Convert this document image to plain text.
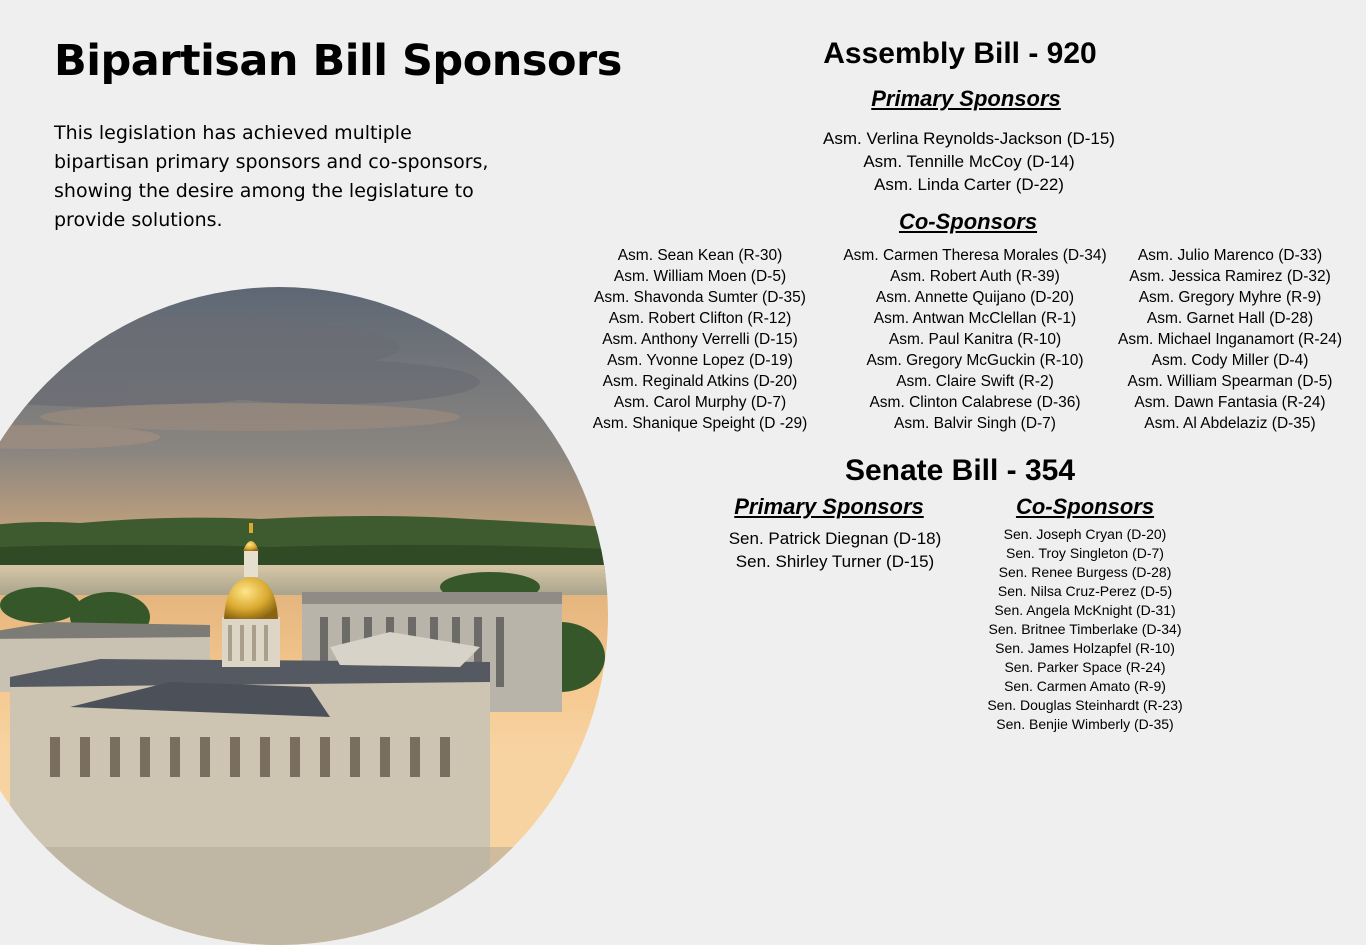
Bipartisan Bill Sponsors

This legislation has achieved multiple bipartisan primary sponsors and co-sponsors, showing the desire among the legislature to provide solutions.

Assembly Bill - 920
Primary Sponsors
Asm. Verlina Reynolds-Jackson (D-15)
Asm. Tennille McCoy (D-14)
Asm. Linda Carter (D-22)
Co-Sponsors
Asm. Sean Kean (R-30)
Asm. William Moen (D-5)
Asm. Shavonda Sumter (D-35)
Asm. Robert Clifton (R-12)
Asm. Anthony Verrelli (D-15)
Asm. Yvonne Lopez (D-19)
Asm. Reginald Atkins (D-20)
Asm. Carol Murphy (D-7)
Asm. Shanique Speight (D -29)
Asm. Carmen Theresa Morales (D-34)
Asm. Robert Auth (R-39)
Asm. Annette Quijano (D-20)
Asm. Antwan McClellan (R-1)
Asm. Paul Kanitra (R-10)
Asm. Gregory McGuckin (R-10)
Asm. Claire Swift (R-2)
Asm. Clinton Calabrese (D-36)
Asm. Balvir Singh (D-7)
Asm. Julio Marenco (D-33)
Asm. Jessica Ramirez (D-32)
Asm. Gregory Myhre (R-9)
Asm. Garnet Hall (D-28)
Asm. Michael Inganamort (R-24)
Asm. Cody Miller (D-4)
Asm. William Spearman (D-5)
Asm. Dawn Fantasia (R-24)
Asm. Al Abdelaziz (D-35)
Senate Bill - 354
Primary Sponsors
Sen. Patrick Diegnan (D-18)
Sen. Shirley Turner (D-15)
Co-Sponsors
Sen. Joseph Cryan (D-20)
Sen. Troy Singleton (D-7)
Sen. Renee Burgess (D-28)
Sen. Nilsa Cruz-Perez (D-5)
Sen. Angela McKnight (D-31)
Sen. Britnee Timberlake (D-34)
Sen. James Holzapfel (R-10)
Sen. Parker Space (R-24)
Sen. Carmen Amato (R-9)
Sen. Douglas Steinhardt (R-23)
Sen. Benjie Wimberly (D-35)
